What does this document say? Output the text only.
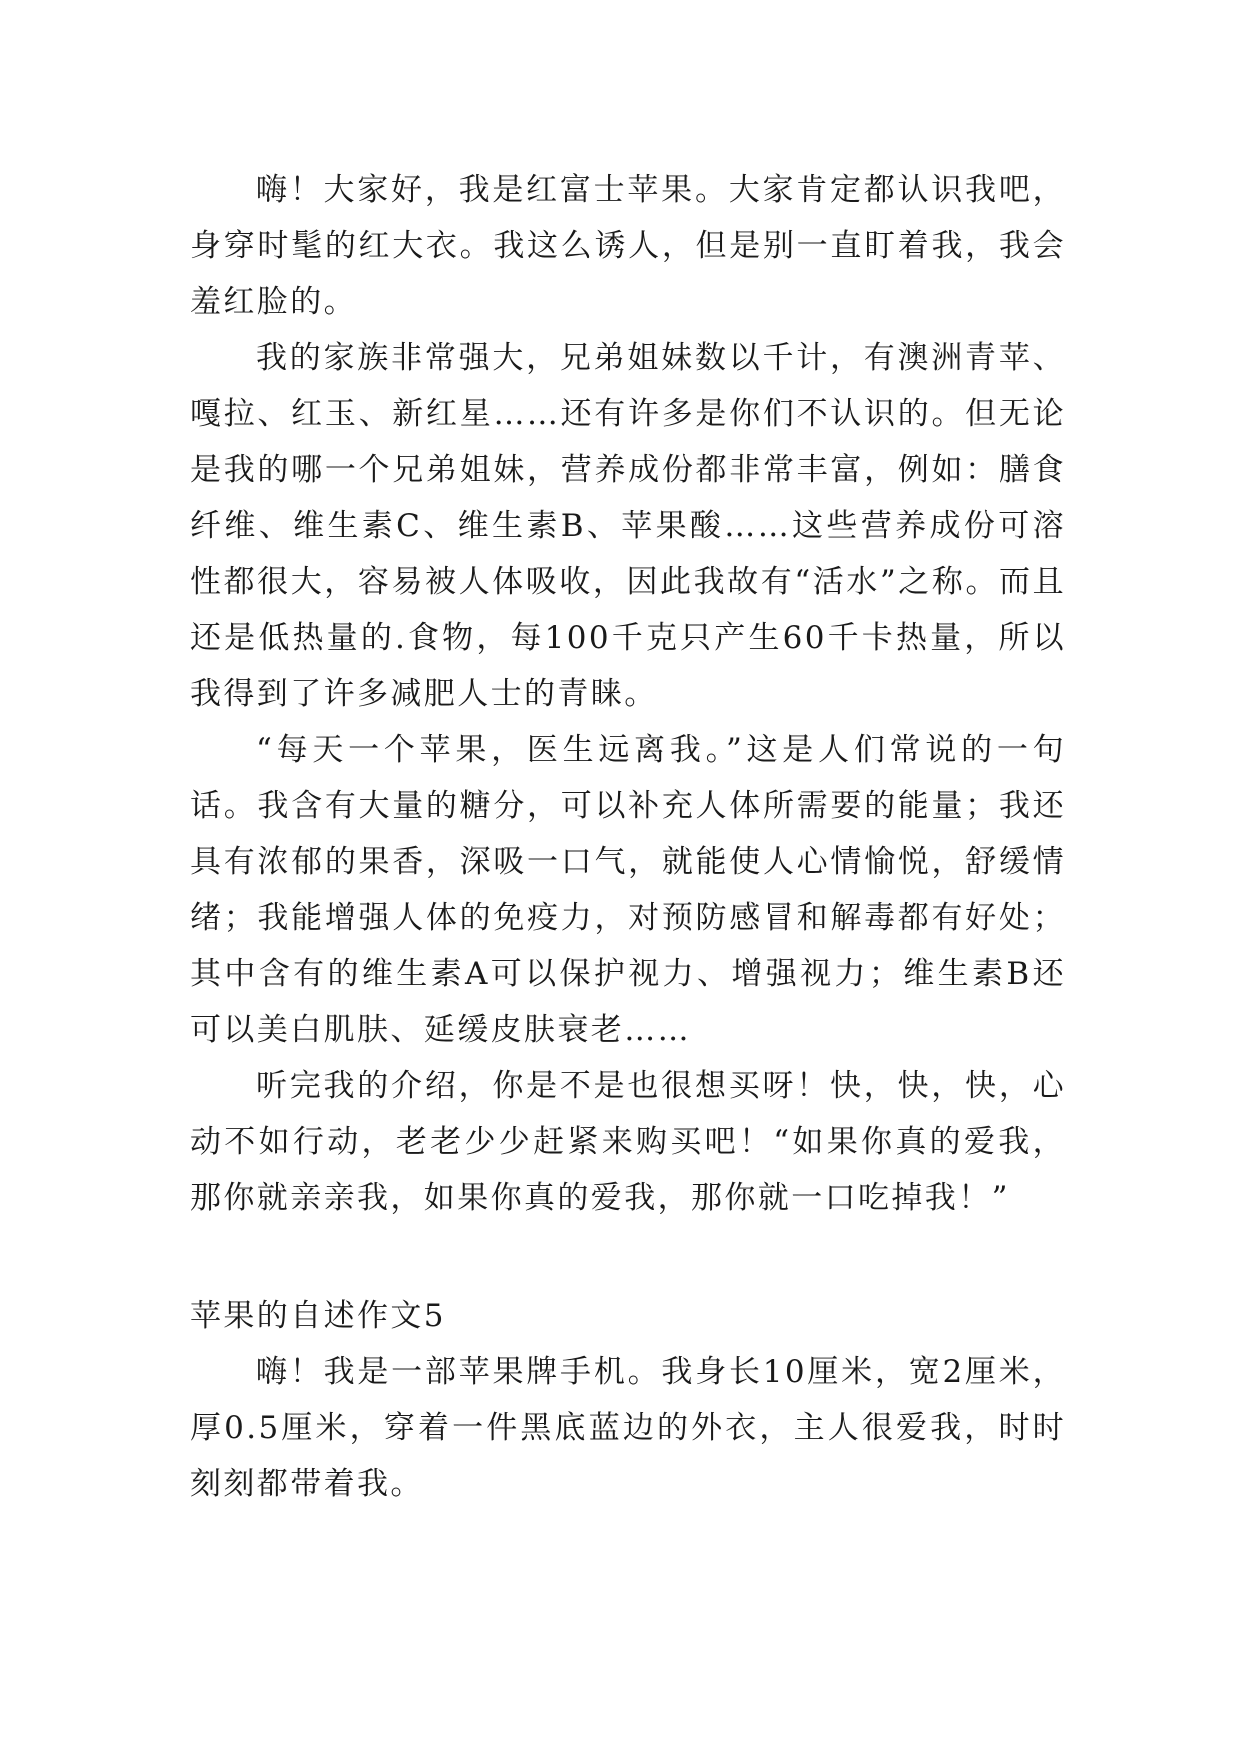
嗨！大家好，我是红富士苹果。大家肯定都认识我吧，身穿时髦的红大衣。我这么诱人，但是别一直盯着我，我会羞红脸的。

我的家族非常强大，兄弟姐妹数以千计，有澳洲青苹、嘎拉、红玉、新红星……还有许多是你们不认识的。但无论是我的哪一个兄弟姐妹，营养成份都非常丰富，例如：膳食纤维、维生素C、维生素B、苹果酸……这些营养成份可溶性都很大，容易被人体吸收，因此我故有“活水”之称。而且还是低热量的.食物，每100千克只产生60千卡热量，所以我得到了许多减肥人士的青睐。

“每天一个苹果，医生远离我。”这是人们常说的一句话。我含有大量的糖分，可以补充人体所需要的能量；我还具有浓郁的果香，深吸一口气，就能使人心情愉悦，舒缓情绪；我能增强人体的免疫力，对预防感冒和解毒都有好处；其中含有的维生素A可以保护视力、增强视力；维生素B还可以美白肌肤、延缓皮肤衰老……

听完我的介绍，你是不是也很想买呀！快，快，快，心动不如行动，老老少少赶紧来购买吧！“如果你真的爱我，那你就亲亲我，如果你真的爱我，那你就一口吃掉我！”

苹果的自述作文5

嗨！我是一部苹果牌手机。我身长10厘米，宽2厘米，厚0.5厘米，穿着一件黑底蓝边的外衣，主人很爱我，时时刻刻都带着我。
